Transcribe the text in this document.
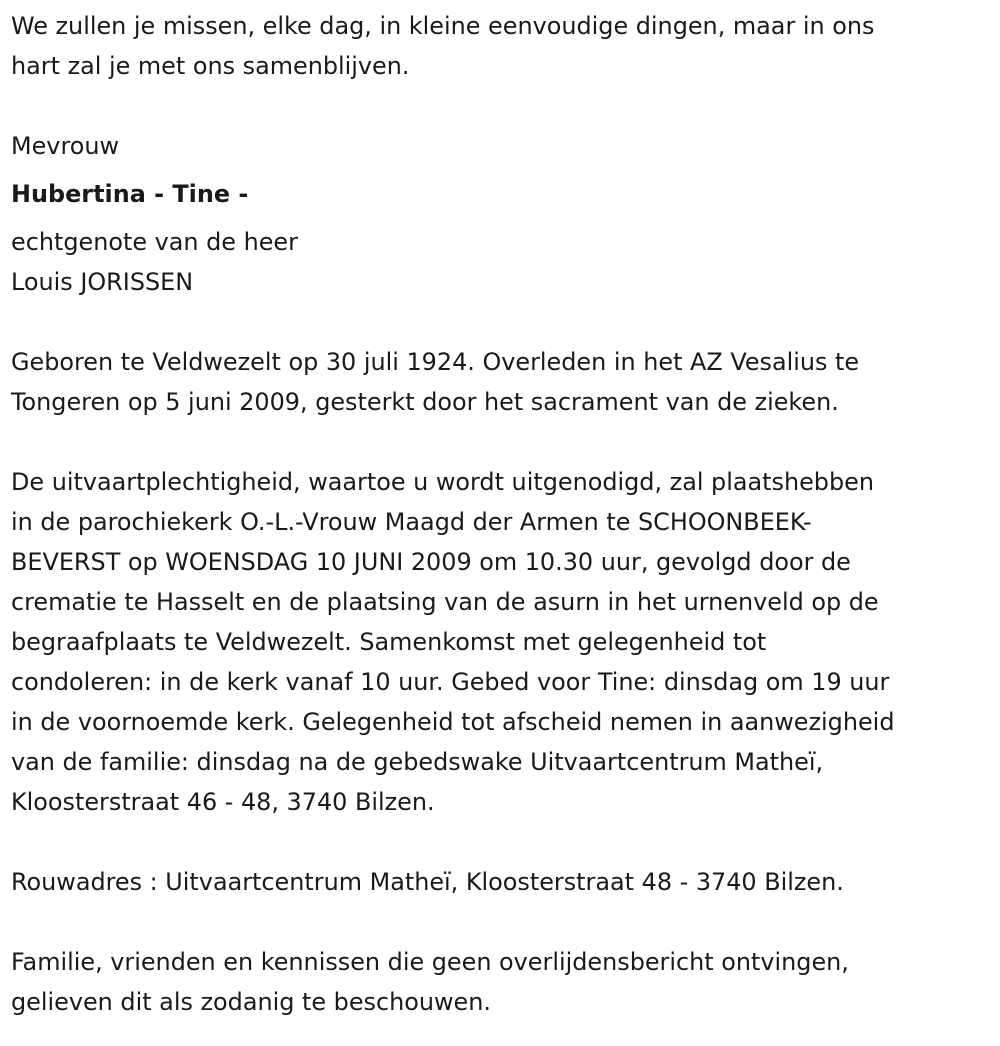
We zullen je missen, elke dag, in kleine eenvoudige dingen, maar in ons
hart zal je met ons samenblijven.
Mevrouw
Hubertina - Tine -
echtgenote van de heer
Louis JORISSEN
Geboren te Veldwezelt op 30 juli 1924. Overleden in het AZ Vesalius te
Tongeren op 5 juni 2009, gesterkt door het sacrament van de zieken.
De uitvaartplechtigheid, waartoe u wordt uitgenodigd, zal plaatshebben
in de parochiekerk O.-L.-Vrouw Maagd der Armen te SCHOONBEEK-
BEVERST op WOENSDAG 10 JUNI 2009 om 10.30 uur, gevolgd door de
crematie te Hasselt en de plaatsing van de asurn in het urnenveld op de
begraafplaats te Veldwezelt. Samenkomst met gelegenheid tot
condoleren: in de kerk vanaf 10 uur. Gebed voor Tine: dinsdag om 19 uur
in de voornoemde kerk. Gelegenheid tot afscheid nemen in aanwezigheid
van de familie: dinsdag na de gebedswake Uitvaartcentrum Matheï,
Kloosterstraat 46 - 48, 3740 Bilzen.
Rouwadres : Uitvaartcentrum Matheï, Kloosterstraat 48 - 3740 Bilzen.
Familie, vrienden en kennissen die geen overlijdensbericht ontvingen,
gelieven dit als zodanig te beschouwen.
